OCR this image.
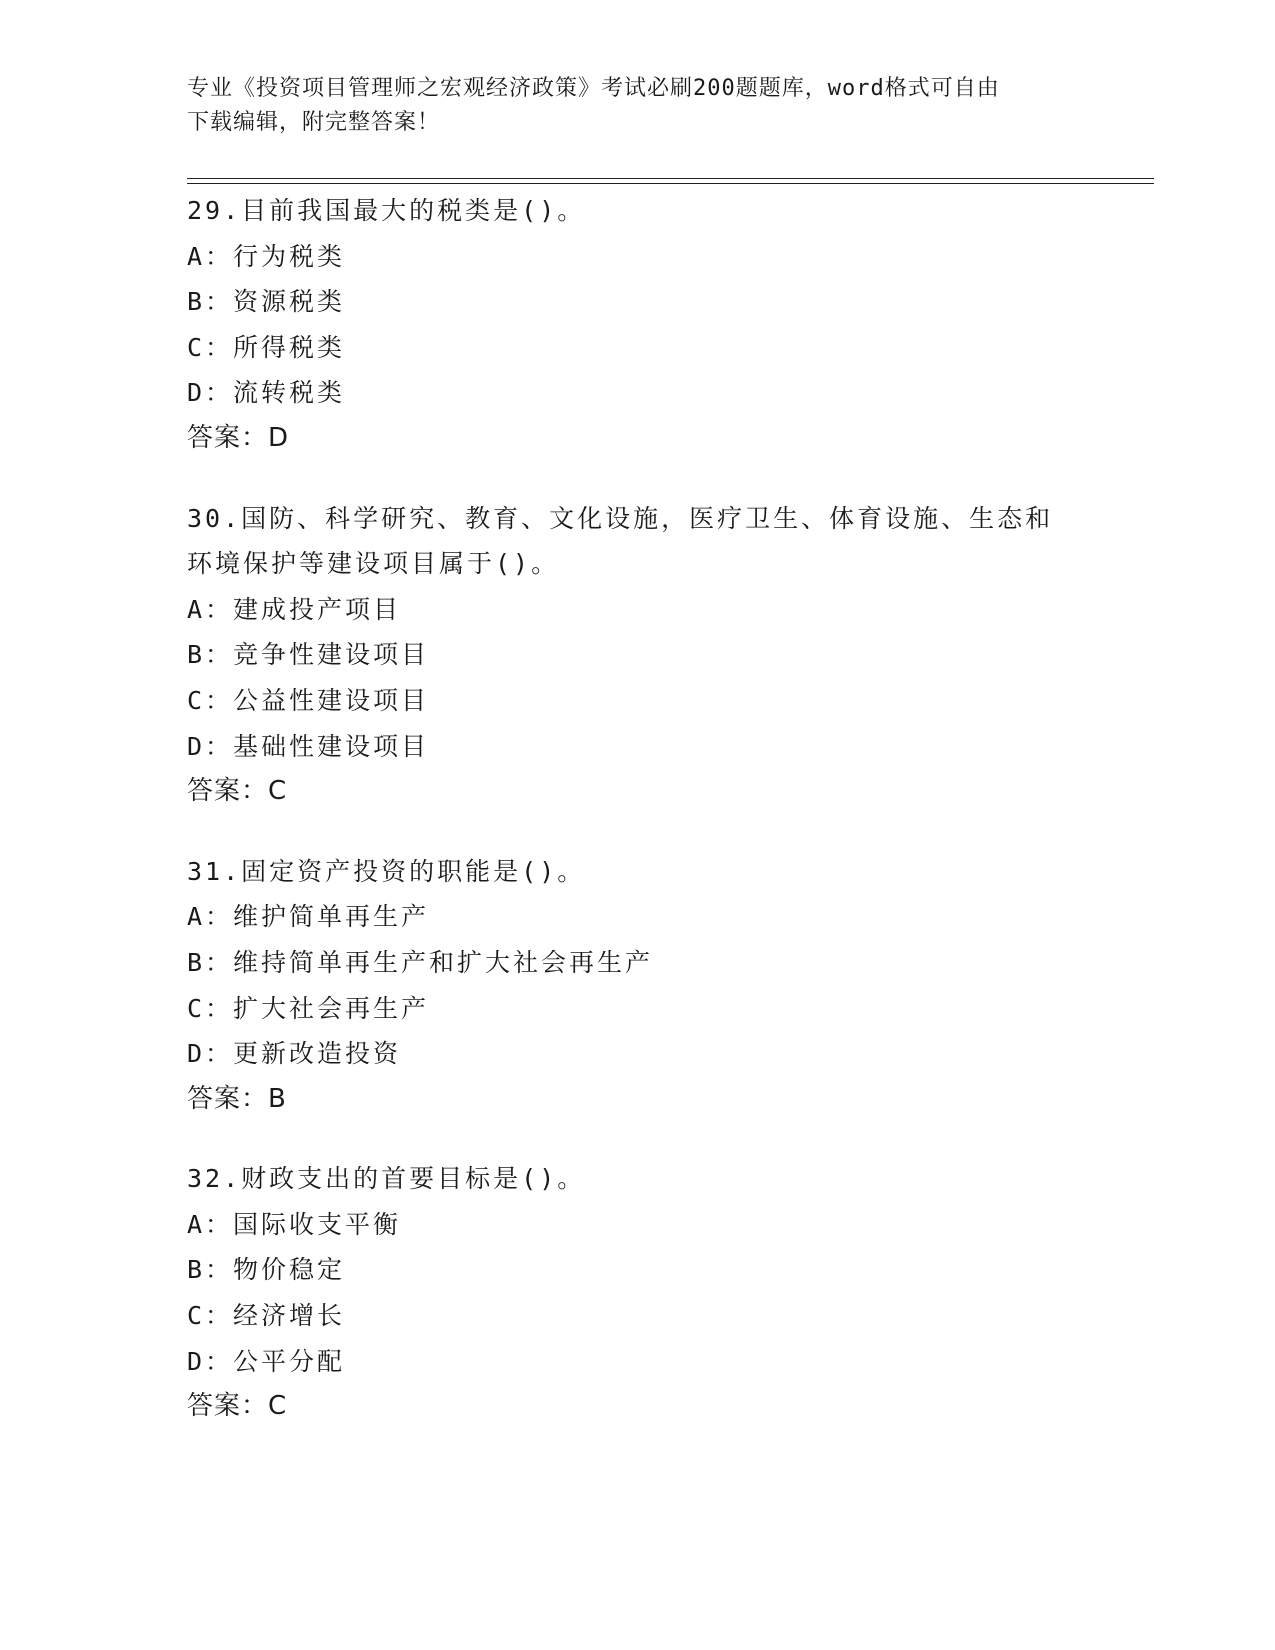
专业《投资项目管理师之宏观经济政策》考试必刷200题题库，word格式可自由
下载编辑，附完整答案！
29.目前我国最大的税类是()。
A：行为税类
B：资源税类
C：所得税类
D：流转税类
答案：D
30.国防、科学研究、教育、文化设施，医疗卫生、体育设施、生态和
环境保护等建设项目属于()。
A：建成投产项目
B：竞争性建设项目
C：公益性建设项目
D：基础性建设项目
答案：C
31.固定资产投资的职能是()。
A：维护简单再生产
B：维持简单再生产和扩大社会再生产
C：扩大社会再生产
D：更新改造投资
答案：B
32.财政支出的首要目标是()。
A：国际收支平衡
B：物价稳定
C：经济增长
D：公平分配
答案：C
